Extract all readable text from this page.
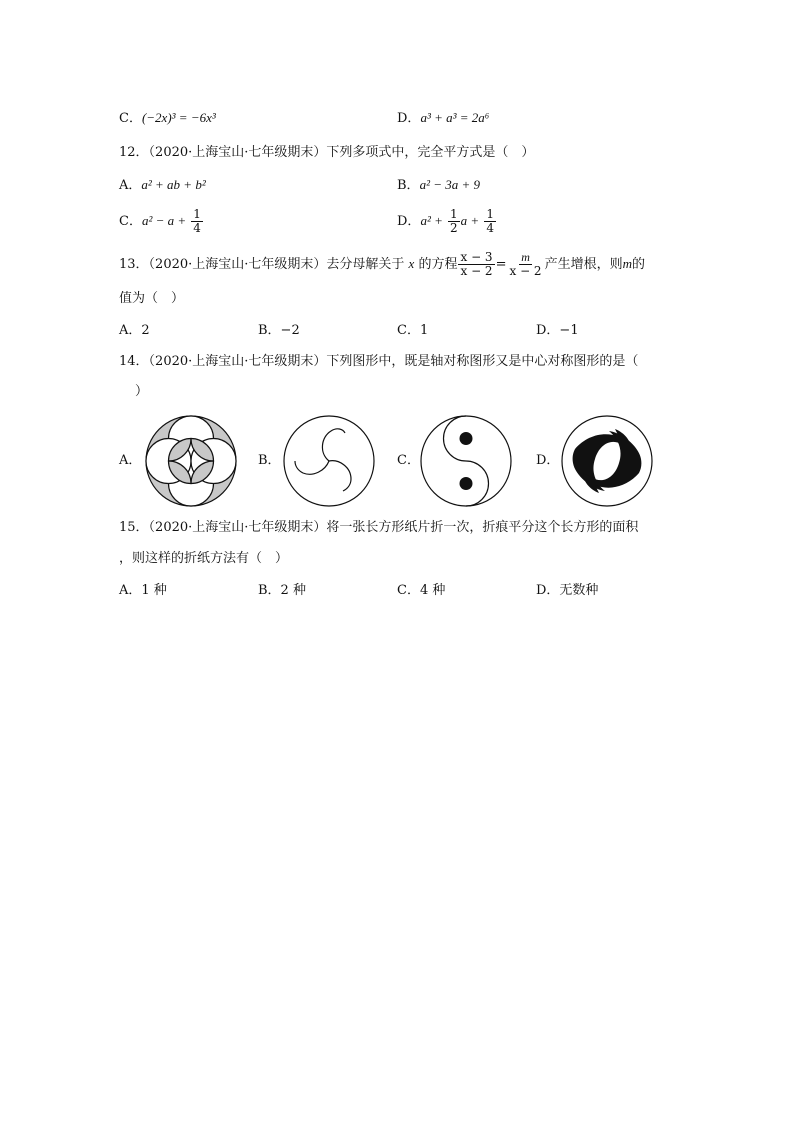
C．(−2x)³ = −6x³	D．a³ + a³ = 2a⁶
12．（2020·上海宝山·七年级期末）下列多项式中，完全平方式是（　）
A．a² + ab + b²	B．a² − 3a + 9
C．$a^2 - a + \frac{1}{4}$	D．$a^2 + \frac{1}{2}$ $a + \frac{1}{4}$
13．（2020·上海宝山·七年级期末）去分母解关于 x 的方程 $\frac{x - 3}{x - 2} = \frac{m}{x - 2}$ 产生增根，则m的
值为（　）
A．2	B．−2	C．1	D．−1
14．（2020·上海宝山·七年级期末）下列图形中，既是轴对称图形又是中心对称图形的是（
）
A．	B．	C．	D．
15．（2020·上海宝山·七年级期末）将一张长方形纸片折一次，折痕平分这个长方形的面积
，则这样的折纸方法有（　）
A．1 种	B．2 种	C．4 种	D．无数种
